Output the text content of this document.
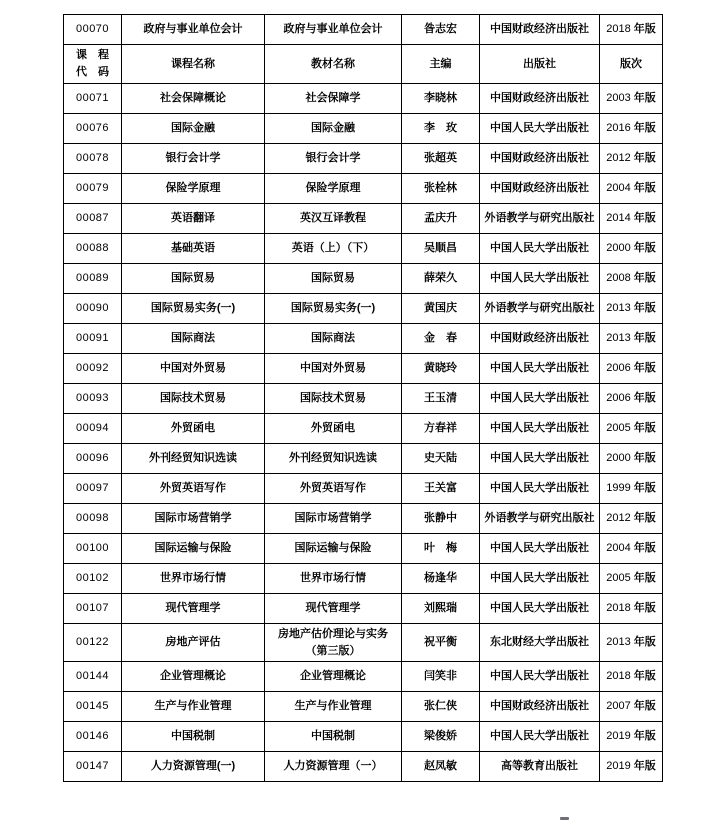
00070	政府与事业单位会计	政府与事业单位会计	昝志宏	中国财政经济出版社	2018 年版

课　程
代　码	课程名称	教材名称	主编	出版社	版次
00071	社会保障概论	社会保障学	李晓林	中国财政经济出版社	2003 年版
00076	国际金融	国际金融	李　玫	中国人民大学出版社	2016 年版
00078	银行会计学	银行会计学	张超英	中国财政经济出版社	2012 年版
00079	保险学原理	保险学原理	张栓林	中国财政经济出版社	2004 年版
00087	英语翻译	英汉互译教程	孟庆升	外语教学与研究出版社	2014 年版
00088	基础英语	英语（上）（下）	吴顺昌	中国人民大学出版社	2000 年版
00089	国际贸易	国际贸易	薛荣久	中国人民大学出版社	2008 年版
00090	国际贸易实务(一)	国际贸易实务(一)	黄国庆	外语教学与研究出版社	2013 年版
00091	国际商法	国际商法	金　春	中国财政经济出版社	2013 年版
00092	中国对外贸易	中国对外贸易	黄晓玲	中国人民大学出版社	2006 年版
00093	国际技术贸易	国际技术贸易	王玉清	中国人民大学出版社	2006 年版
00094	外贸函电	外贸函电	方春祥	中国人民大学出版社	2005 年版
00096	外刊经贸知识选读	外刊经贸知识选读	史天陆	中国人民大学出版社	2000 年版
00097	外贸英语写作	外贸英语写作	王关富	中国人民大学出版社	1999 年版
00098	国际市场营销学	国际市场营销学	张静中	外语教学与研究出版社	2012 年版
00100	国际运输与保险	国际运输与保险	叶　梅	中国人民大学出版社	2004 年版
00102	世界市场行情	世界市场行情	杨逢华	中国人民大学出版社	2005 年版
00107	现代管理学	现代管理学	刘熙瑞	中国人民大学出版社	2018 年版
00122	房地产评估	房地产估价理论与实务（第三版）	祝平衡	东北财经大学出版社	2013 年版
00144	企业管理概论	企业管理概论	闫笑非	中国人民大学出版社	2018 年版
00145	生产与作业管理	生产与作业管理	张仁侠	中国财政经济出版社	2007 年版
00146	中国税制	中国税制	梁俊娇	中国人民大学出版社	2019 年版
00147	人力资源管理(一)	人力资源管理（一）	赵凤敏	高等教育出版社	2019 年版
